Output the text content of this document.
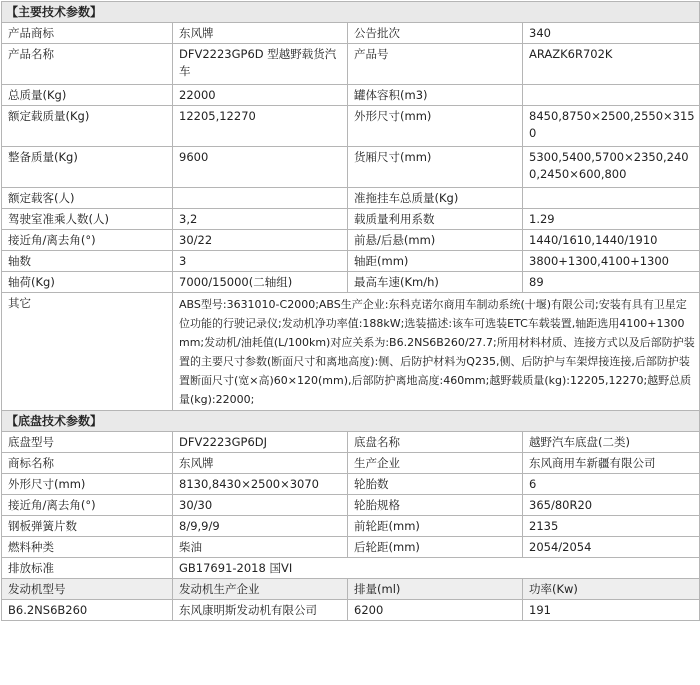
【主要技术参数】			
产品商标	东风牌	公告批次	340
产品名称	DFV2223GP6D 型越野载货汽车	产品号	ARAZK6R702K
总质量(Kg)	22000	罐体容积(m3)	
额定载质量(Kg)	12205,12270	外形尺寸(mm)	8450,8750×2500,2550×3150
整备质量(Kg)	9600	货厢尺寸(mm)	5300,5400,5700×2350,2400,2450×600,800
额定载客(人)		准拖挂车总质量(Kg)	
驾驶室准乘人数(人)	3,2	载质量利用系数	1.29
接近角/离去角(°)	30/22	前悬/后悬(mm)	1440/1610,1440/1910
轴数	3	轴距(mm)	3800+1300,4100+1300
轴荷(Kg)	7000/15000(二轴组)	最高车速(Km/h)	89
其它	ABS型号:3631010-C2000;ABS生产企业:东科克诺尔商用车制动系统(十堰)有限公司;安装有具有卫星定位功能的行驶记录仪;发动机净功率值:188kW;选装描述:该车可选装ETC车载装置,轴距选用4100+1300mm;发动机/油耗值(L/100km)对应关系为:B6.2NS6B260/27.7;所用材料材质、连接方式以及后部防护装置的主要尺寸参数(断面尺寸和离地高度):侧、后防护材料为Q235,侧、后防护与车架焊接连接,后部防护装置断面尺寸(宽×高)60×120(mm),后部防护离地高度:460mm;越野载质量(kg):12205,12270;越野总质量(kg):22000;		
【底盘技术参数】			
底盘型号	DFV2223GP6DJ	底盘名称	越野汽车底盘(二类)
商标名称	东风牌	生产企业	东风商用车新疆有限公司
外形尺寸(mm)	8130,8430×2500×3070	轮胎数	6
接近角/离去角(°)	30/30	轮胎规格	365/80R20
钢板弹簧片数	8/9,9/9	前轮距(mm)	2135
燃料种类	柴油	后轮距(mm)	2054/2054
排放标准	GB17691-2018 国VI		
发动机型号	发动机生产企业	排量(ml)	功率(Kw)
B6.2NS6B260	东风康明斯发动机有限公司	6200	191
